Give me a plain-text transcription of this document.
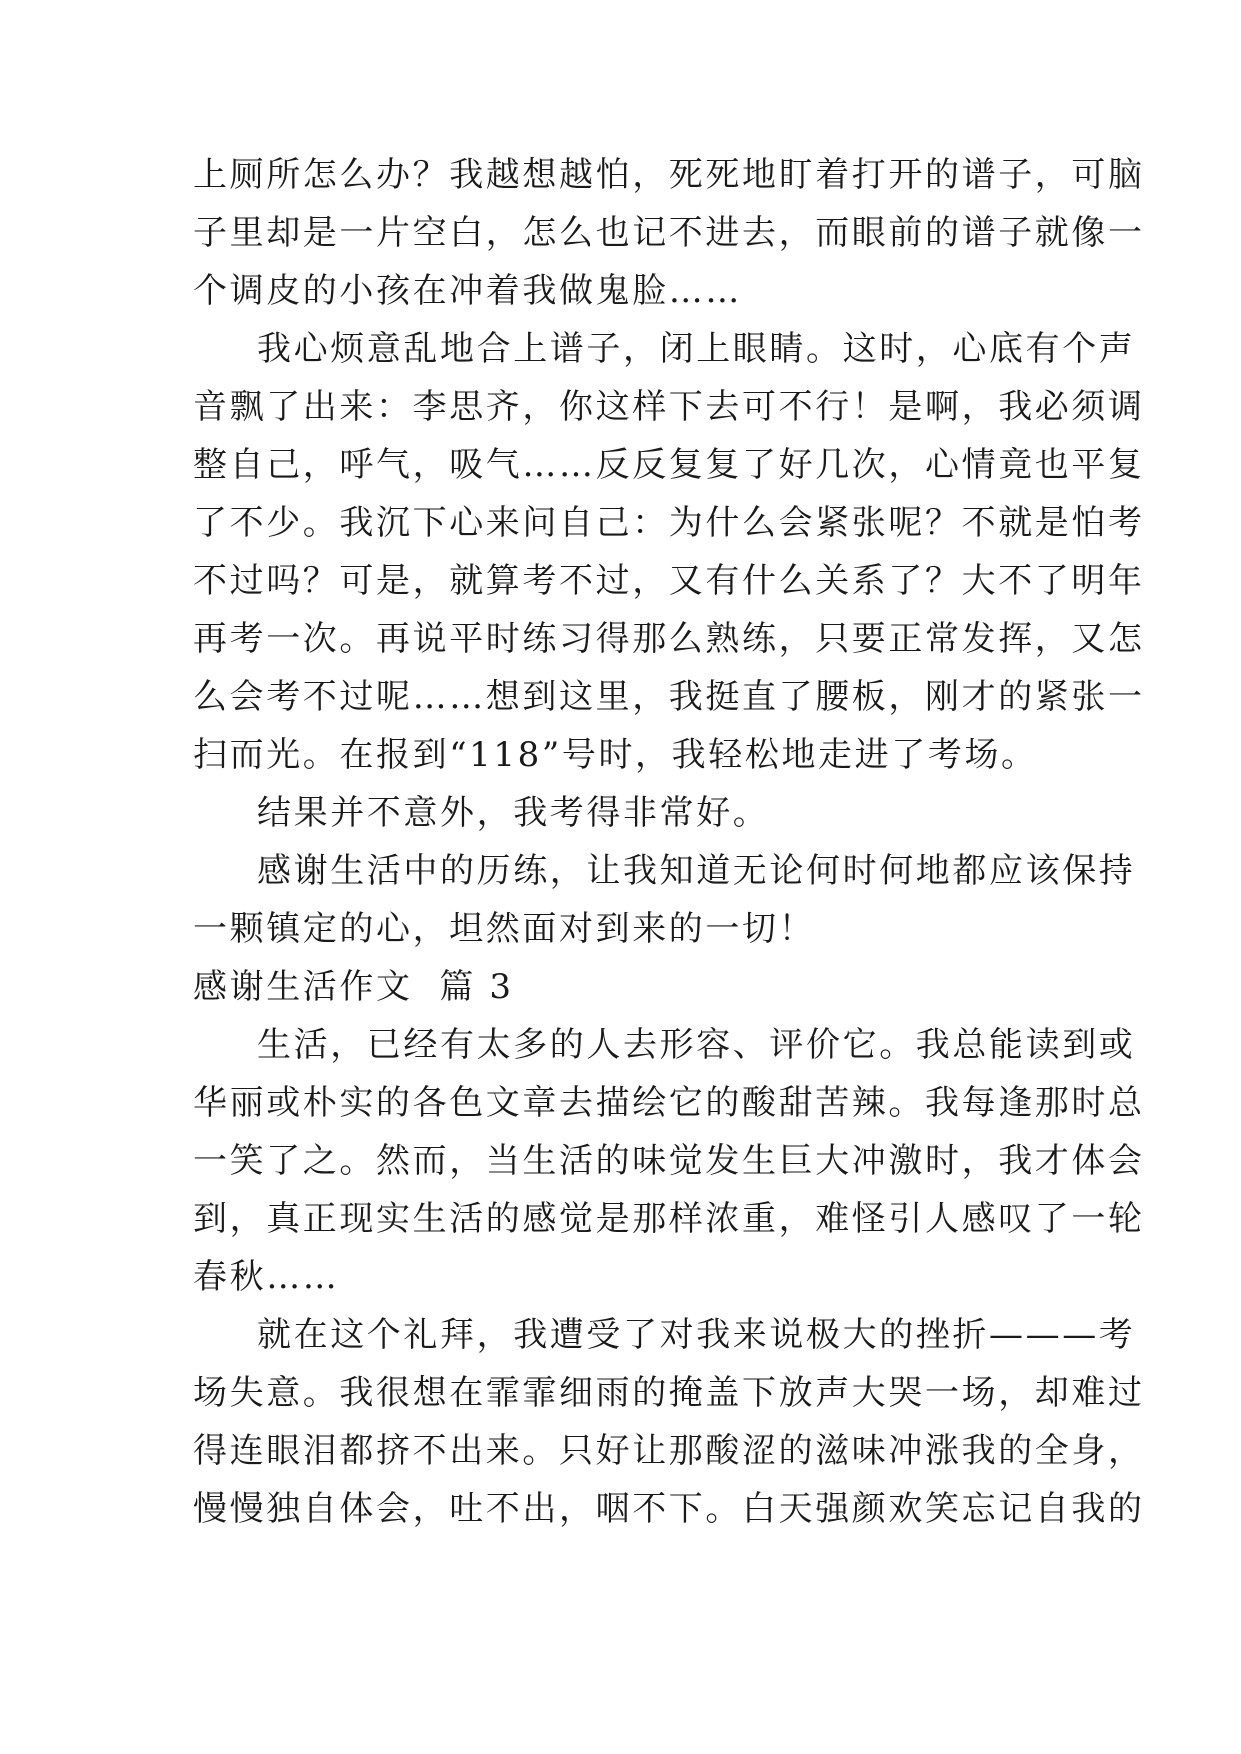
上厕所怎么办？我越想越怕，死死地盯着打开的谱子，可脑
子里却是一片空白，怎么也记不进去，而眼前的谱子就像一
个调皮的小孩在冲着我做鬼脸……
我心烦意乱地合上谱子，闭上眼睛。这时，心底有个声
音飘了出来：李思齐，你这样下去可不行！是啊，我必须调
整自己，呼气，吸气……反反复复了好几次，心情竟也平复
了不少。我沉下心来问自己：为什么会紧张呢？不就是怕考
不过吗？可是，就算考不过，又有什么关系了？大不了明年
再考一次。再说平时练习得那么熟练，只要正常发挥，又怎
么会考不过呢……想到这里，我挺直了腰板，刚才的紧张一
扫而光。在报到“118”号时，我轻松地走进了考场。
结果并不意外，我考得非常好。
感谢生活中的历练，让我知道无论何时何地都应该保持
一颗镇定的心，坦然面对到来的一切！
感谢生活作文  篇 3
生活，已经有太多的人去形容、评价它。我总能读到或
华丽或朴实的各色文章去描绘它的酸甜苦辣。我每逢那时总
一笑了之。然而，当生活的味觉发生巨大冲激时，我才体会
到，真正现实生活的感觉是那样浓重，难怪引人感叹了一轮
春秋……
就在这个礼拜，我遭受了对我来说极大的挫折———考
场失意。我很想在霏霏细雨的掩盖下放声大哭一场，却难过
得连眼泪都挤不出来。只好让那酸涩的滋味冲涨我的全身，
慢慢独自体会，吐不出，咽不下。白天强颜欢笑忘记自我的
